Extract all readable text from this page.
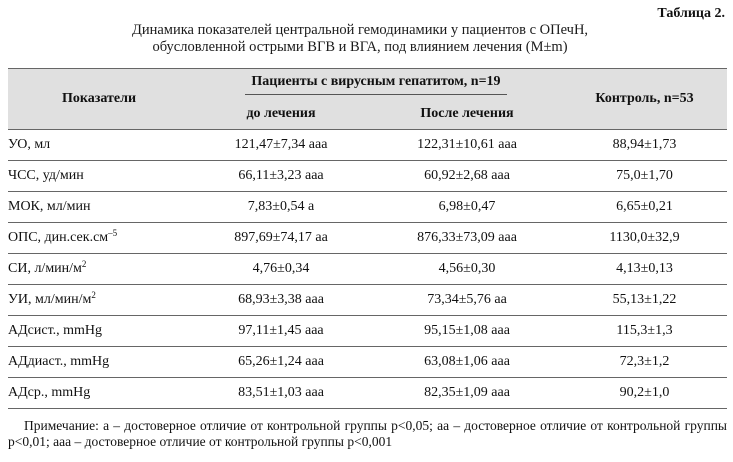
Таблица 2.
Динамика показателей центральной гемодинамики у пациентов с ОПечН,
обусловленной острыми ВГВ и ВГА, под влиянием лечения (M±m)
Показатели	Пациенты с вирусным гепатитом, n=19		Контроль, n=53
	до лечения	После лечения	
УО, мл	121,47±7,34 ааа	122,31±10,61 ааа	88,94±1,73
ЧСС, уд/мин	66,11±3,23 ааа	60,92±2,68 ааа	75,0±1,70
МОК, мл/мин	7,83±0,54 а	6,98±0,47	6,65±0,21
ОПС, $дин.сек.см^{-5}$	897,69±74,17 аа	876,33±73,09 ааа	1130,0±32,9
СИ, $л/мин/м^2$	4,76±0,34	4,56±0,30	4,13±0,13
УИ, $мл/мин/м^2$	68,93±3,38 ааа	73,34±5,76 аа	55,13±1,22
АДсист., mmHg	97,11±1,45 ааа	95,15±1,08 ааа	115,3±1,3
АДдиаст., mmHg	65,26±1,24 ааа	63,08±1,06 ааа	72,3±1,2
АДср., mmHg	83,51±1,03 ааа	82,35±1,09 ааа	90,2±1,0
Примечание: а – достоверное отличие от контрольной группы р<0,05; аа – достоверное отличие от контрольной группы р<0,01; ааа – достоверное отличие от контрольной группы р<0,001
